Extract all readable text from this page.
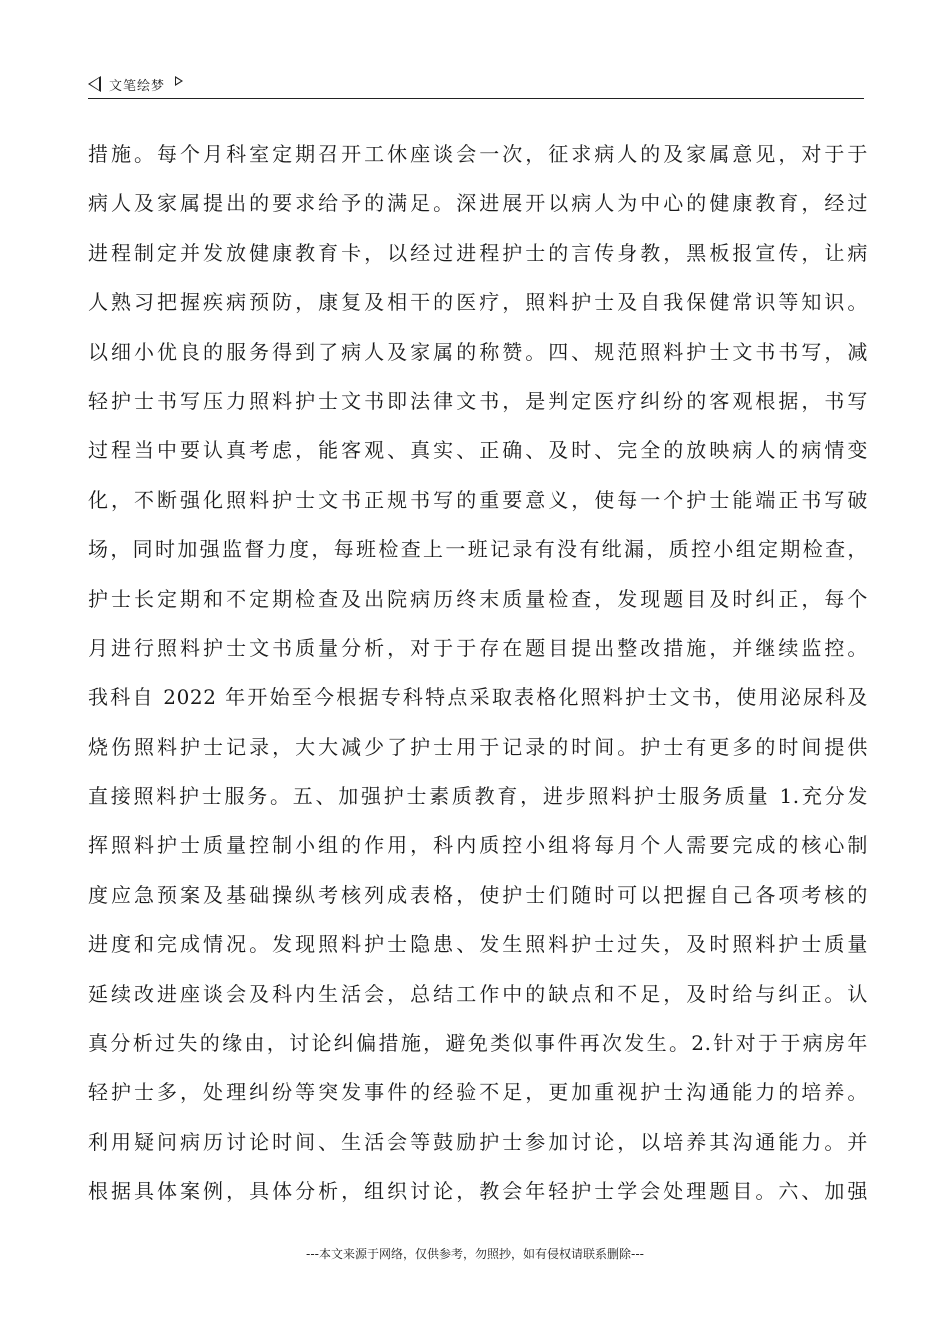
文笔绘梦
措施。每个月科室定期召开工休座谈会一次，征求病人的及家属意见，对于于
病人及家属提出的要求给予的满足。深进展开以病人为中心的健康教育，经过
进程制定并发放健康教育卡，以经过进程护士的言传身教，黑板报宣传，让病
人熟习把握疾病预防，康复及相干的医疗，照料护士及自我保健常识等知识。
以细小优良的服务得到了病人及家属的称赞。四、规范照料护士文书书写，减
轻护士书写压力照料护士文书即法律文书，是判定医疗纠纷的客观根据，书写
过程当中要认真考虑，能客观、真实、正确、及时、完全的放映病人的病情变
化，不断强化照料护士文书正规书写的重要意义，使每一个护士能端正书写破
场，同时加强监督力度，每班检查上一班记录有没有纰漏，质控小组定期检查，
护士长定期和不定期检查及出院病历终末质量检查，发现题目及时纠正，每个
月进行照料护士文书质量分析，对于于存在题目提出整改措施，并继续监控。
我科自 2022 年开始至今根据专科特点采取表格化照料护士文书，使用泌尿科及
烧伤照料护士记录，大大减少了护士用于记录的时间。护士有更多的时间提供
直接照料护士服务。五、加强护士素质教育，进步照料护士服务质量 1.充分发
挥照料护士质量控制小组的作用，科内质控小组将每月个人需要完成的核心制
度应急预案及基础操纵考核列成表格，使护士们随时可以把握自己各项考核的
进度和完成情况。发现照料护士隐患、发生照料护士过失，及时照料护士质量
延续改进座谈会及科内生活会，总结工作中的缺点和不足，及时给与纠正。认
真分析过失的缘由，讨论纠偏措施，避免类似事件再次发生。2.针对于于病房年
轻护士多，处理纠纷等突发事件的经验不足，更加重视护士沟通能力的培养。
利用疑问病历讨论时间、生活会等鼓励护士参加讨论，以培养其沟通能力。并
根据具体案例，具体分析，组织讨论，教会年轻护士学会处理题目。六、加强
---本文来源于网络，仅供参考，勿照抄，如有侵权请联系删除---
